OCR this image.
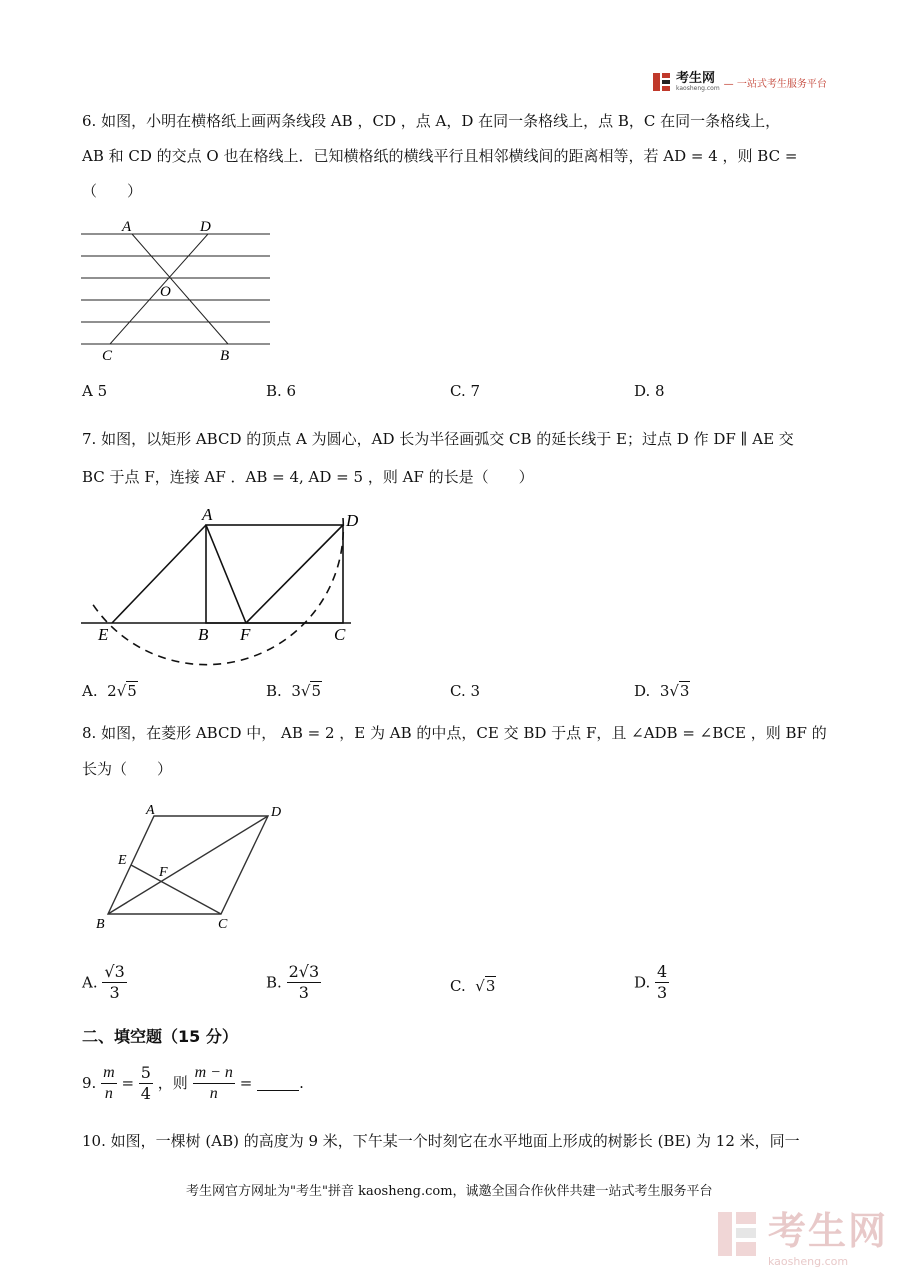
考生网
kaosheng.com — 一站式考生服务平台
6. 如图，小明在横格纸上画两条线段 AB ，CD ，点 A，D 在同一条格线上，点 B，C 在同一条格线上，
AB 和 CD 的交点 O 也在格线上．已知横格纸的横线平行且相邻横线间的距离相等，若 AD = 4 ，则 BC =
（　　）
A	D
O
C	B
A 5	B. 6	C. 7	D. 8
7. 如图，以矩形 ABCD 的顶点 A 为圆心，AD 长为半径画弧交 CB 的延长线于 E；过点 D 作 DF ∥ AE 交
BC 于点 F，连接 AF ．AB = 4, AD = 5 ，则 AF 的长是（　　）
A	D
E	B F	C
A. 2√5	B. 3√5	C. 3	D. 3√3
8. 如图，在菱形 ABCD 中， AB = 2 ，E 为 AB 的中点，CE 交 BD 于点 F，且 ∠ADB = ∠BCE ，则 BF 的
长为（　　）
A	D
E
F
B	C
A. $\frac{√3}{3}$	B. $\frac{2√3}{3}$	C. √3	D. $\frac{4}{3}$
二、填空题（15 分）
9. $\frac{m}{n} = \frac{5}{4}$ ，则 $\frac{m - n}{n}$ =	.
10. 如图，一棵树 (AB) 的高度为 9 米，下午某一个时刻它在水平地面上形成的树影长 (BE) 为 12 米，同一
考生网官方网址为"考生"拼音 kaosheng.com，诚邀全国合作伙伴共建一站式考生服务平台
考生网
kaosheng.com
